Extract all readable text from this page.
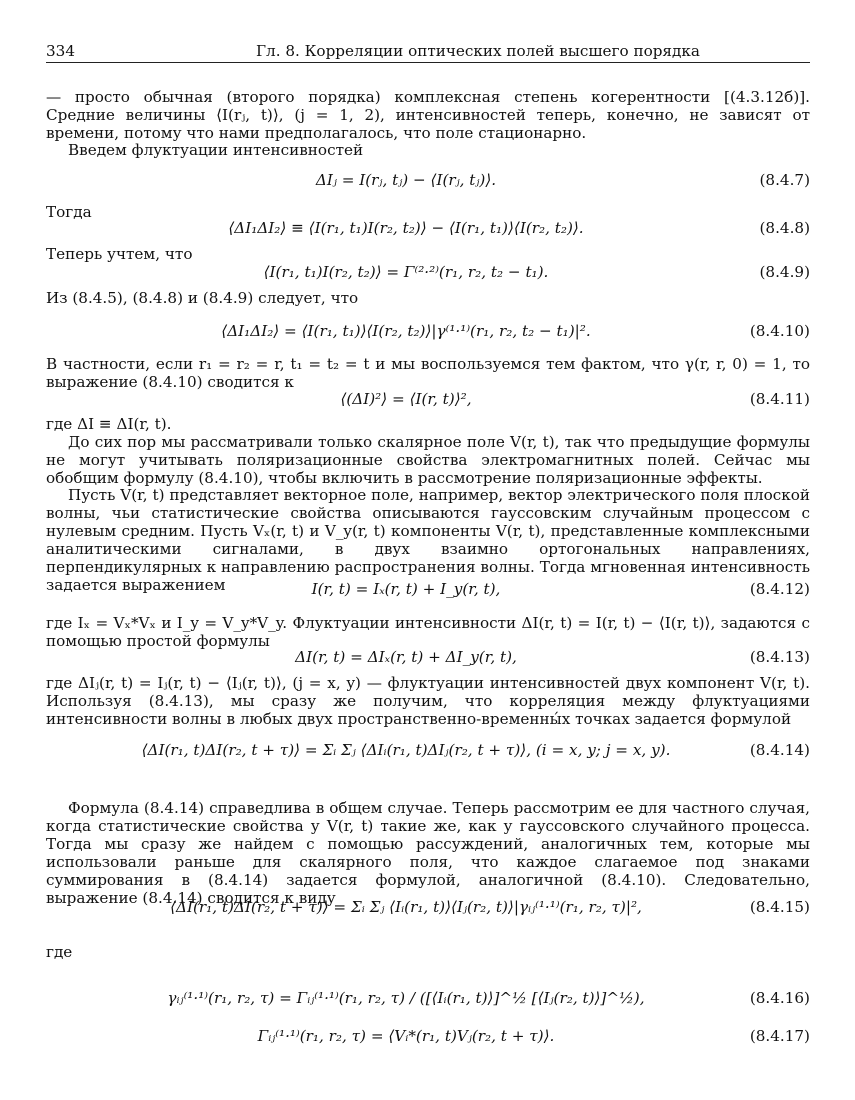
334	Гл. 8. Корреляции оптических полей высшего порядка

— просто обычная (второго порядка) комплексная степень когерентности [(4.3.12б)]. Средние величины ⟨I(rⱼ, t)⟩, (j = 1, 2), интенсивностей теперь, конечно, не зависят от времени, потому что нами предполагалось, что поле стационарно.

Введем флуктуации интенсивностей

ΔIⱼ = I(rⱼ, tⱼ) − ⟨I(rⱼ, tⱼ)⟩.	(8.4.7)
Тогда
⟨ΔI₁ΔI₂⟩ ≡ ⟨I(r₁, t₁)I(r₂, t₂)⟩ − ⟨I(r₁, t₁)⟩⟨I(r₂, t₂)⟩.	(8.4.8)
Теперь учтем, что
⟨I(r₁, t₁)I(r₂, t₂)⟩ = Γ⁽²·²⁾(r₁, r₂, t₂ − t₁).	(8.4.9)
Из (8.4.5), (8.4.8) и (8.4.9) следует, что
⟨ΔI₁ΔI₂⟩ = ⟨I(r₁, t₁)⟩⟨I(r₂, t₂)⟩|γ⁽¹·¹⁾(r₁, r₂, t₂ − t₁)|².	(8.4.10)

В частности, если r₁ = r₂ = r, t₁ = t₂ = t и мы воспользуемся тем фактом, что γ(r, r, 0) = 1, то выражение (8.4.10) сводится к

⟨(ΔI)²⟩ = ⟨I(r, t)⟩²,	(8.4.11)

где ΔI ≡ ΔI(r, t).

До сих пор мы рассматривали только скалярное поле V(r, t), так что предыдущие формулы не могут учитывать поляризационные свойства электромагнитных полей. Сейчас мы обобщим формулу (8.4.10), чтобы включить в рассмотрение поляризационные эффекты.

Пусть V(r, t) представляет векторное поле, например, вектор электрического поля плоской волны, чьи статистические свойства описываются гауссовским случайным процессом с нулевым средним. Пусть Vₓ(r, t) и V_y(r, t) компоненты V(r, t), представленные комплексными аналитическими сигналами, в двух взаимно ортогональных направлениях, перпендикулярных к направлению распространения волны. Тогда мгновенная интенсивность задается выражением	I(r, t) = Iₓ(r, t) + I_y(r, t),	(8.4.12)

где Iₓ = Vₓ*Vₓ и I_y = V_y*V_y. Флуктуации интенсивности ΔI(r, t) = I(r, t) − ⟨I(r, t)⟩, задаются с помощью простой формулы

ΔI(r, t) = ΔIₓ(r, t) + ΔI_y(r, t),	(8.4.13)

где ΔIⱼ(r, t) = Iⱼ(r, t) − ⟨Iⱼ(r, t)⟩, (j = x, y) — флуктуации интенсивностей двух компонент V(r, t). Используя (8.4.13), мы сразу же получим, что корреляция между флуктуациями интенсивности волны в любых двух пространственно-временны́х точках задается формулой

⟨ΔI(r₁, t)ΔI(r₂, t + τ)⟩ = Σᵢ Σⱼ ⟨ΔIᵢ(r₁, t)ΔIⱼ(r₂, t + τ)⟩, (i = x, y; j = x, y).	(8.4.14)

Формула (8.4.14) справедлива в общем случае. Теперь рассмотрим ее для частного случая, когда статистические свойства у V(r, t) такие же, как у гауссовского случайного процесса. Тогда мы сразу же найдем с помощью рассуждений, аналогичных тем, которые мы использовали раньше для скалярного поля, что каждое слагаемое под знаками суммирования в (8.4.14) задается формулой, аналогичной (8.4.10). Следовательно, выражение (8.4.14) сводится к виду

⟨ΔI(r₁, t)ΔI(r₂, t + τ)⟩ = Σᵢ Σⱼ ⟨Iᵢ(r₁, t)⟩⟨Iⱼ(r₂, t)⟩|γᵢⱼ⁽¹·¹⁾(r₁, r₂, τ)|²,	(8.4.15)
где
γᵢⱼ⁽¹·¹⁾(r₁, r₂, τ) = Γᵢⱼ⁽¹·¹⁾(r₁, r₂, τ) / ([⟨Iᵢ(r₁, t)⟩]^½ [⟨Iⱼ(r₂, t)⟩]^½),	(8.4.16)
Γᵢⱼ⁽¹·¹⁾(r₁, r₂, τ) = ⟨Vᵢ*(r₁, t)Vⱼ(r₂, t + τ)⟩.	(8.4.17)
